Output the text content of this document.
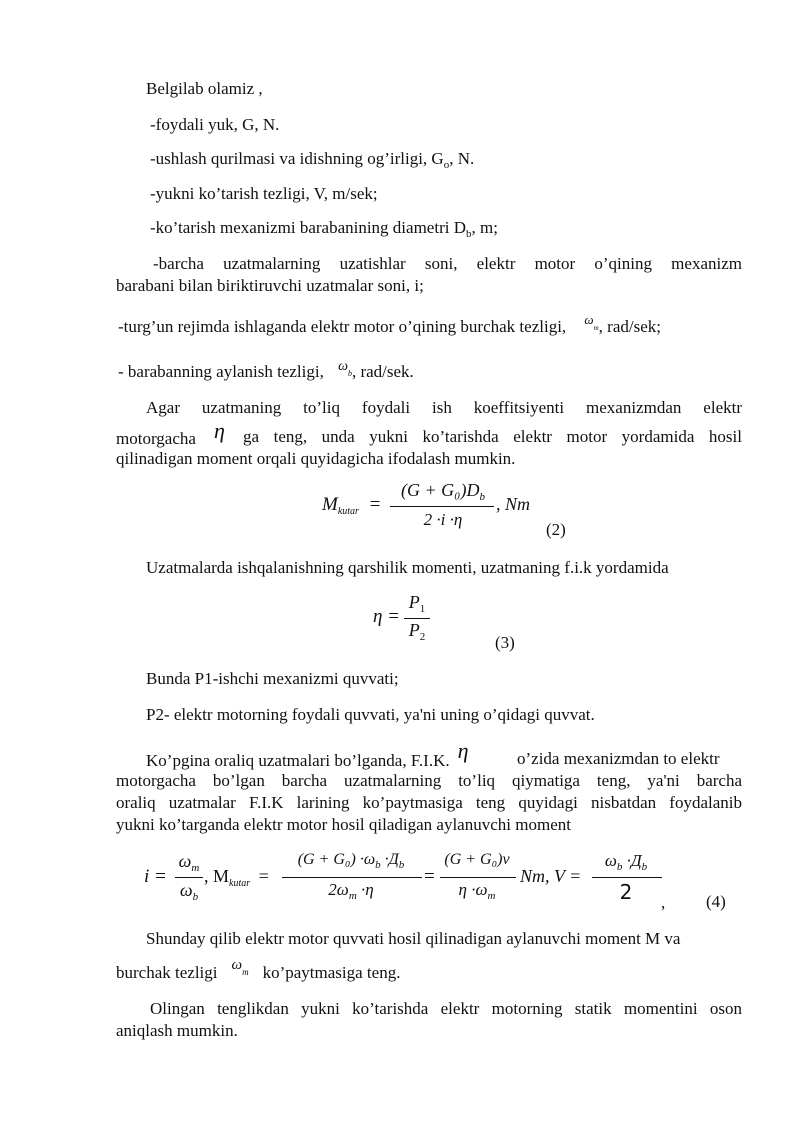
Belgilab olamiz ,
-foydali yuk, G, N.
-ushlash qurilmasi va idishning og’irligi, $G_o$, N.
-yukni ko’tarish tezligi, V, m/sek;
-ko’tarish mexanizmi barabanining diametri $D_b$, m;
-barcha uzatmalarning uzatishlar soni, elektr motor o’qining mexanizm
barabani bilan biriktiruvchi uzatmalar soni, i;
-turg’un rejimda ishlaganda elektr motor o’qining burchak tezligi, $^\omega$m, rad/sek;
- barabanning aylanish tezligi, $^\omega$b, rad/sek.
Agar uzatmaning to’liq foydali ish koeffitsiyenti mexanizmdan elektr
motorgacha η ga teng, unda yukni ko’tarishda elektr motor yordamida hosil
qilinadigan moment orqali quyidagicha ifodalash mumkin.
$M_{kutar}$ =
$(G + G_0)D_b$
2 ·i ·η
, Nm
(2)
Uzatmalarda ishqalanishning qarshilik momenti, uzatmaning f.i.k yordamida
η =
$P_1$
$P_2$	(3)
Bunda P1-ishchi mexanizmi quvvati;
P2- elektr motorning foydali quvvati, ya'ni uning o’qidagi quvvat.
Ko’pgina oraliq uzatmalari bo’lganda, F.I.K. η	o’zida mexanizmdan to elektr
motorgacha bo’lgan barcha uzatmalarning to’liq qiymatiga teng, ya'ni barcha
oraliq uzatmalar F.I.K larining ko’paytmasiga teng quyidagi nisbatdan foydalanib
yukni ko’targanda elektr motor hosil qiladigan aylanuvchi moment
i =
$\omega_m$
$\omega_b$
, $M_{kutar}$ =
$(G + G_0) \cdot\omega_b \cdot Д_b$
$2\omega_m \cdot\eta$
=
(G + G₀)v
$\eta \cdot\omega_m$
Nm, V =
$\omega_b \cdot Д_b$
2	, (4)
Shunday qilib elektr motor quvvati hosil qilinadigan aylanuvchi moment M va
burchak tezligi ωm ko’paytmasiga teng.
Olingan tenglikdan yukni ko’tarishda elektr motorning statik momentini oson
aniqlash mumkin.
